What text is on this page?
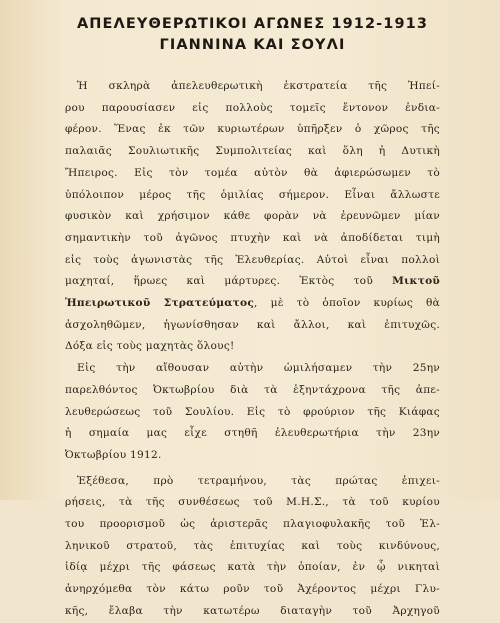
ΑΠΕΛΕΥΘΕΡΩΤΙΚΟΙ ΑΓΩΝΕΣ 1912-1913
ΓΙΑΝΝΙΝΑ ΚΑΙ ΣΟΥΛΙ

Ἡ σκληρὰ ἀπελευθερωτικὴ ἐκστρατεία τῆς Ἠπεί-
ρου παρουσίασεν εἰς πολλοὺς τομεῖς ἔντονον ἐνδια-
φέρον. Ἕνας ἐκ τῶν κυριωτέρων ὑπῆρξεν ὁ χῶρος τῆς
παλαιᾶς Σουλιωτικῆς Συμπολιτείας καὶ ὅλη ἡ Δυτικὴ
Ἤπειρος. Εἰς τὸν τομέα αὐτὸν θὰ ἀφιερώσωμεν τὸ
ὑπόλοιπον μέρος τῆς ὁμιλίας σήμερον. Εἶναι ἄλλωστε
φυσικὸν καὶ χρήσιμον κάθε φορὰν νὰ ἐρευνῶμεν μίαν
σημαντικὴν τοῦ ἀγῶνος πτυχὴν καὶ νὰ ἀποδίδεται τιμὴ
εἰς τοὺς ἀγωνιστὰς τῆς Ἐλευθερίας. Αὐτοὶ εἶναι πολλοὶ
μαχηταί, ἥρωες καὶ μάρτυρες. Ἐκτὸς τοῦ Μικτοῦ
Ἠπειρωτικοῦ Στρατεύματος, μὲ τὸ ὁποῖον κυρίως θὰ
ἀσχοληθῶμεν, ἡγωνίσθησαν καὶ ἄλλοι, καὶ ἐπιτυχῶς.
Δόξα εἰς τοὺς μαχητὰς ὅλους!

Εἰς τὴν αἴθουσαν αὐτὴν ὡμιλήσαμεν τὴν 25ην
παρελθόντος Ὀκτωβρίου διὰ τὰ ἑξηντάχρονα τῆς ἀπε-
λευθερώσεως τοῦ Σουλίου. Εἰς τὸ φρούριον τῆς Κιάφας
ἡ σημαία μας εἶχε στηθῆ ἐλευθερωτήρια τὴν 23ην
Ὀκτωβρίου 1912.

Ἐξέθεσα, πρὸ τετραμήνου, τὰς πρώτας ἐπιχει-
ρήσεις, τὰ τῆς συνθέσεως τοῦ Μ.Η.Σ., τὰ τοῦ κυρίου
του προορισμοῦ ὡς ἀριστερᾶς πλαγιοφυλακῆς τοῦ Ἑλ-
ληνικοῦ στρατοῦ, τὰς ἐπιτυχίας καὶ τοὺς κινδύνους,
ἰδίᾳ μέχρι τῆς φάσεως κατὰ τὴν ὁποίαν, ἐν ᾧ νικηταὶ
ἀνηρχόμεθα τὸν κάτω ροῦν τοῦ Ἀχέροντος μέχρι Γλυ-
κῆς, ἔλαβα τὴν κατωτέρω διαταγὴν τοῦ Ἀρχηγοῦ
